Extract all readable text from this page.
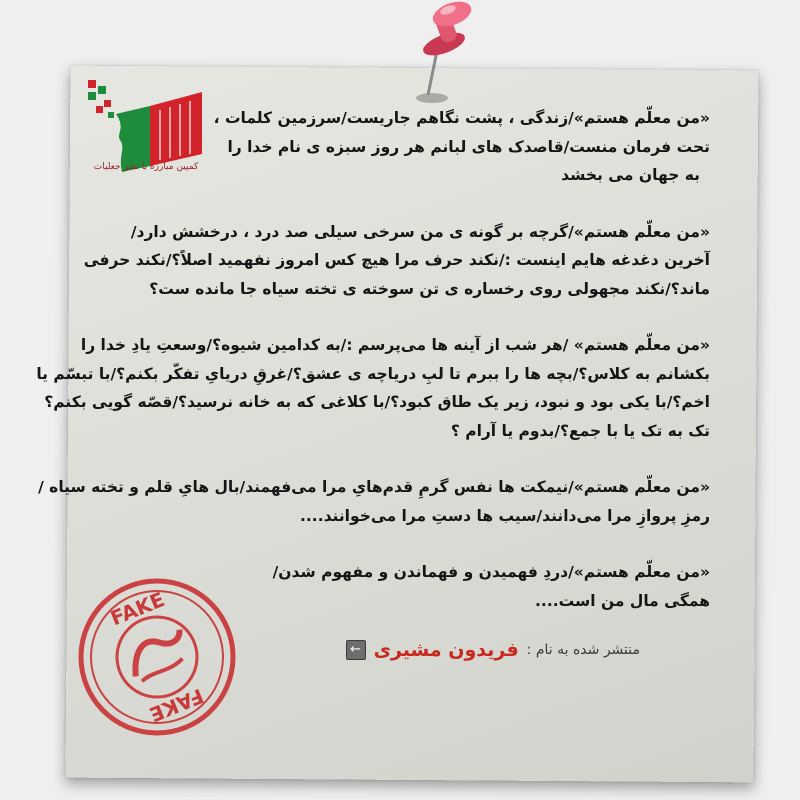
کمپین مبارزه با نشر جعلیات
«من معلّم هستم»/زندگی ، پشت نگاهم جاریست/سرزمین کلمات ،
تحت فرمان منست/قاصدک های لبانم هر روز سبزه ی نام خدا را
به جهان می بخشد
«من معلّم هستم»/گرچه بر گونه ی من سرخی سیلی صد درد ، درخشش دارد/
آخرین دغدغه هایم اینست :/نکند حرف مرا هیچ کس امروز نفهمید اصلاً؟/نکند حرفی
ماند؟/نکند مجهولی روی رخساره ی تن سوخته ی تخته سیاه جا مانده ست؟
«من معلّم هستم» /هر شب از آینه ها می‌پرسم :/به کدامین شیوه؟/وسعتِ یادِ خدا را
بکشانم به کلاس؟/بچه ها را ببرم تا لبِ دریاچه ی عشق؟/غرقِ دریایِ تفکّر بکنم؟/با تبسّم یا
اخم؟/با یکی بود و نبود، زیر یک طاق کبود؟/با کلاغی که به خانه نرسید؟/قصّه گویی بکنم؟
تک به تک یا با جمع؟/بدوم یا آرام ؟
«من معلّم هستم»/نیمکت ها نفس گرمِ قدم‌هایِ مرا می‌فهمند/بال هایِ قلم و تخته سیاه /
رمزِ پروازِ مرا می‌دانند/سیب ها دستِ مرا می‌خوانند....
«من معلّم هستم»/دردِ فهمیدن و فهماندن و مفهوم شدن/
همگی مال من است....
منتشر شده به نام :
فریدون مشیری
←
FAKE
FAKE
